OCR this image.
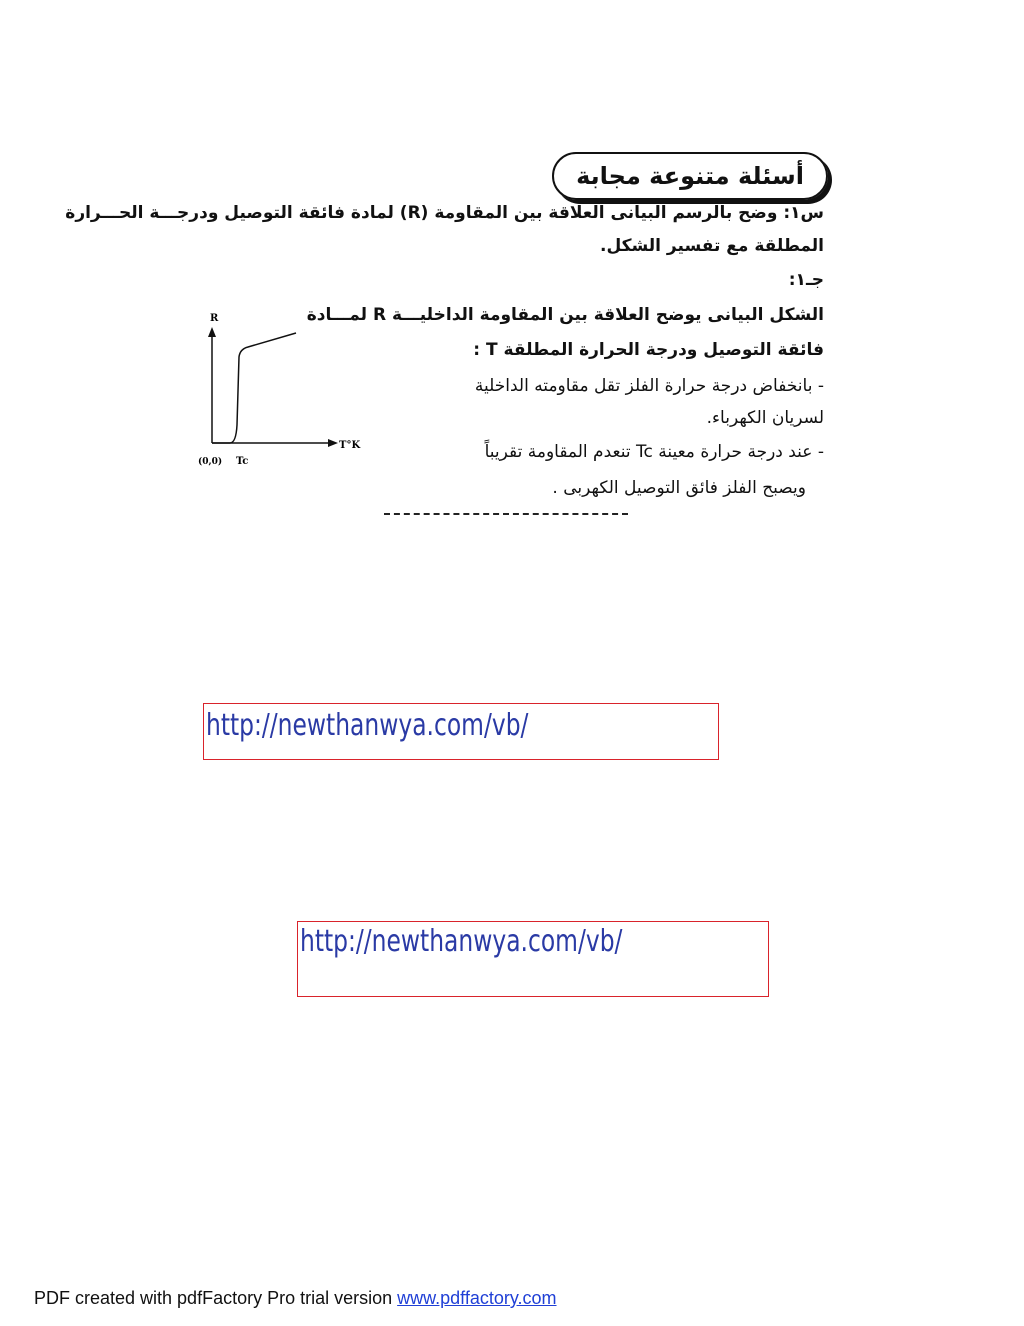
أسئلة متنوعة مجابة
س١: وضح بالرسم البيانى العلاقة بين المقاومة (R) لمادة فائقة التوصيل ودرجـــة الحـــرارة
المطلقة مع تفسير الشكل.
جـ١:
الشكل البيانى يوضح العلاقة بين المقاومة الداخليـــة R لمـــادة
فائقة التوصيل ودرجة الحرارة المطلقة T :
- بانخفاض درجة حرارة الفلز تقل مقاومته الداخلية
لسريان الكهرباء.
- عند درجة حرارة معينة Tc تنعدم المقاومة تقريباً
ويصبح الفلز فائق التوصيل الكهربى .
R
T°K
(0,0) Tc
http://newthanwya.com/vb/
http://newthanwya.com/vb/
PDF created with pdfFactory Pro trial version www.pdffactory.com
